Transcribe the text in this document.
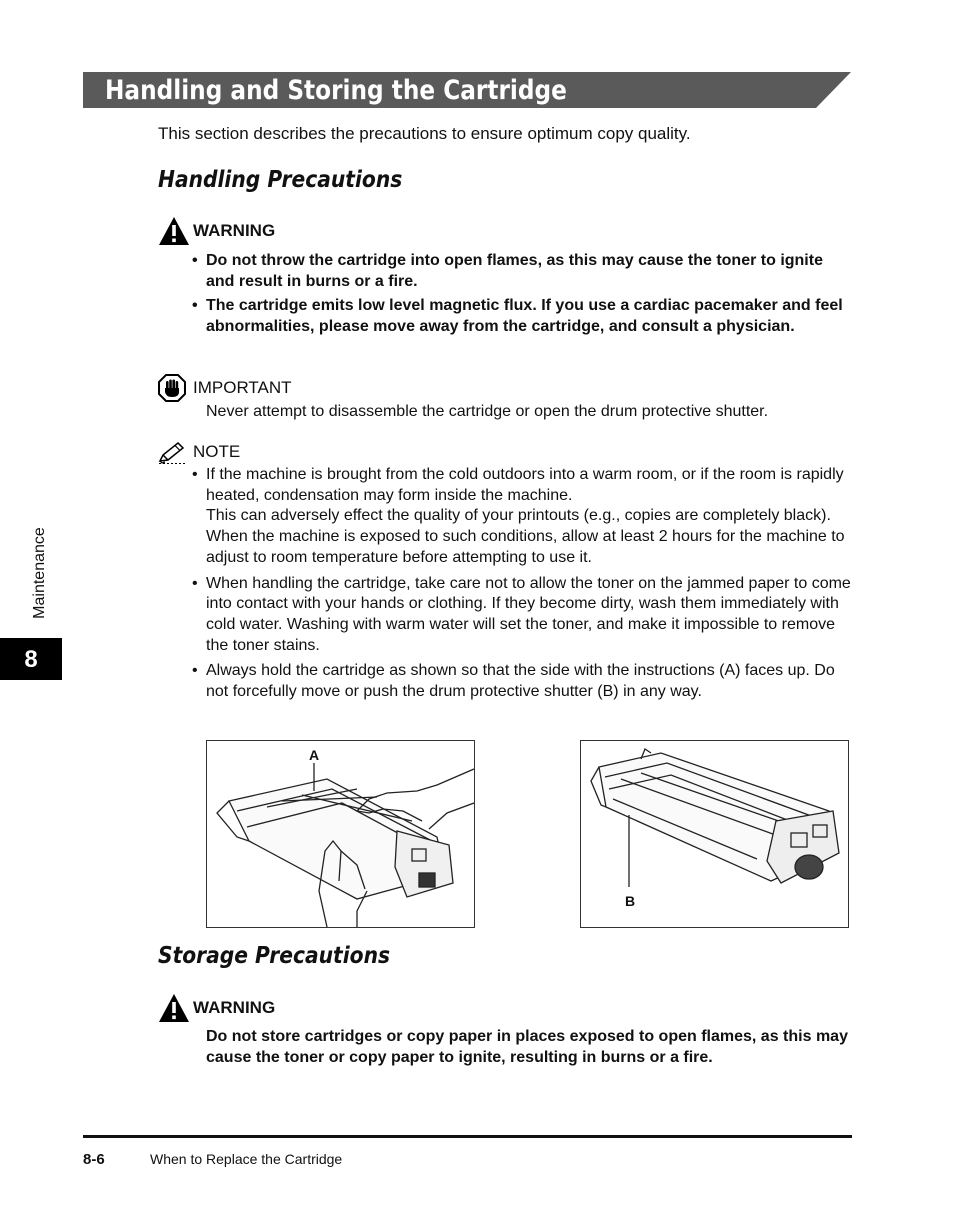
Handling and Storing the Cartridge
This section describes the precautions to ensure optimum copy quality.
Handling Precautions
WARNING
• Do not throw the cartridge into open flames, as this may cause the toner to ignite and result in burns or a fire.
• The cartridge emits low level magnetic flux. If you use a cardiac pacemaker and feel abnormalities, please move away from the cartridge, and consult a physician.
IMPORTANT
Never attempt to disassemble the cartridge or open the drum protective shutter.
NOTE
• If the machine is brought from the cold outdoors into a warm room, or if the room is rapidly heated, condensation may form inside the machine.
This can adversely effect the quality of your printouts (e.g., copies are completely black).
When the machine is exposed to such conditions, allow at least 2 hours for the machine to adjust to room temperature before attempting to use it.
• When handling the cartridge, take care not to allow the toner on the jammed paper to come into contact with your hands or clothing. If they become dirty, wash them immediately with cold water. Washing with warm water will set the toner, and make it impossible to remove the toner stains.
• Always hold the cartridge as shown so that the side with the instructions (A) faces up. Do not forcefully move or push the drum protective shutter (B) in any way.
A
B
Storage Precautions
WARNING
Do not store cartridges or copy paper in places exposed to open flames, as this may cause the toner or copy paper to ignite, resulting in burns or a fire.
Maintenance
8
8-6	When to Replace the Cartridge
